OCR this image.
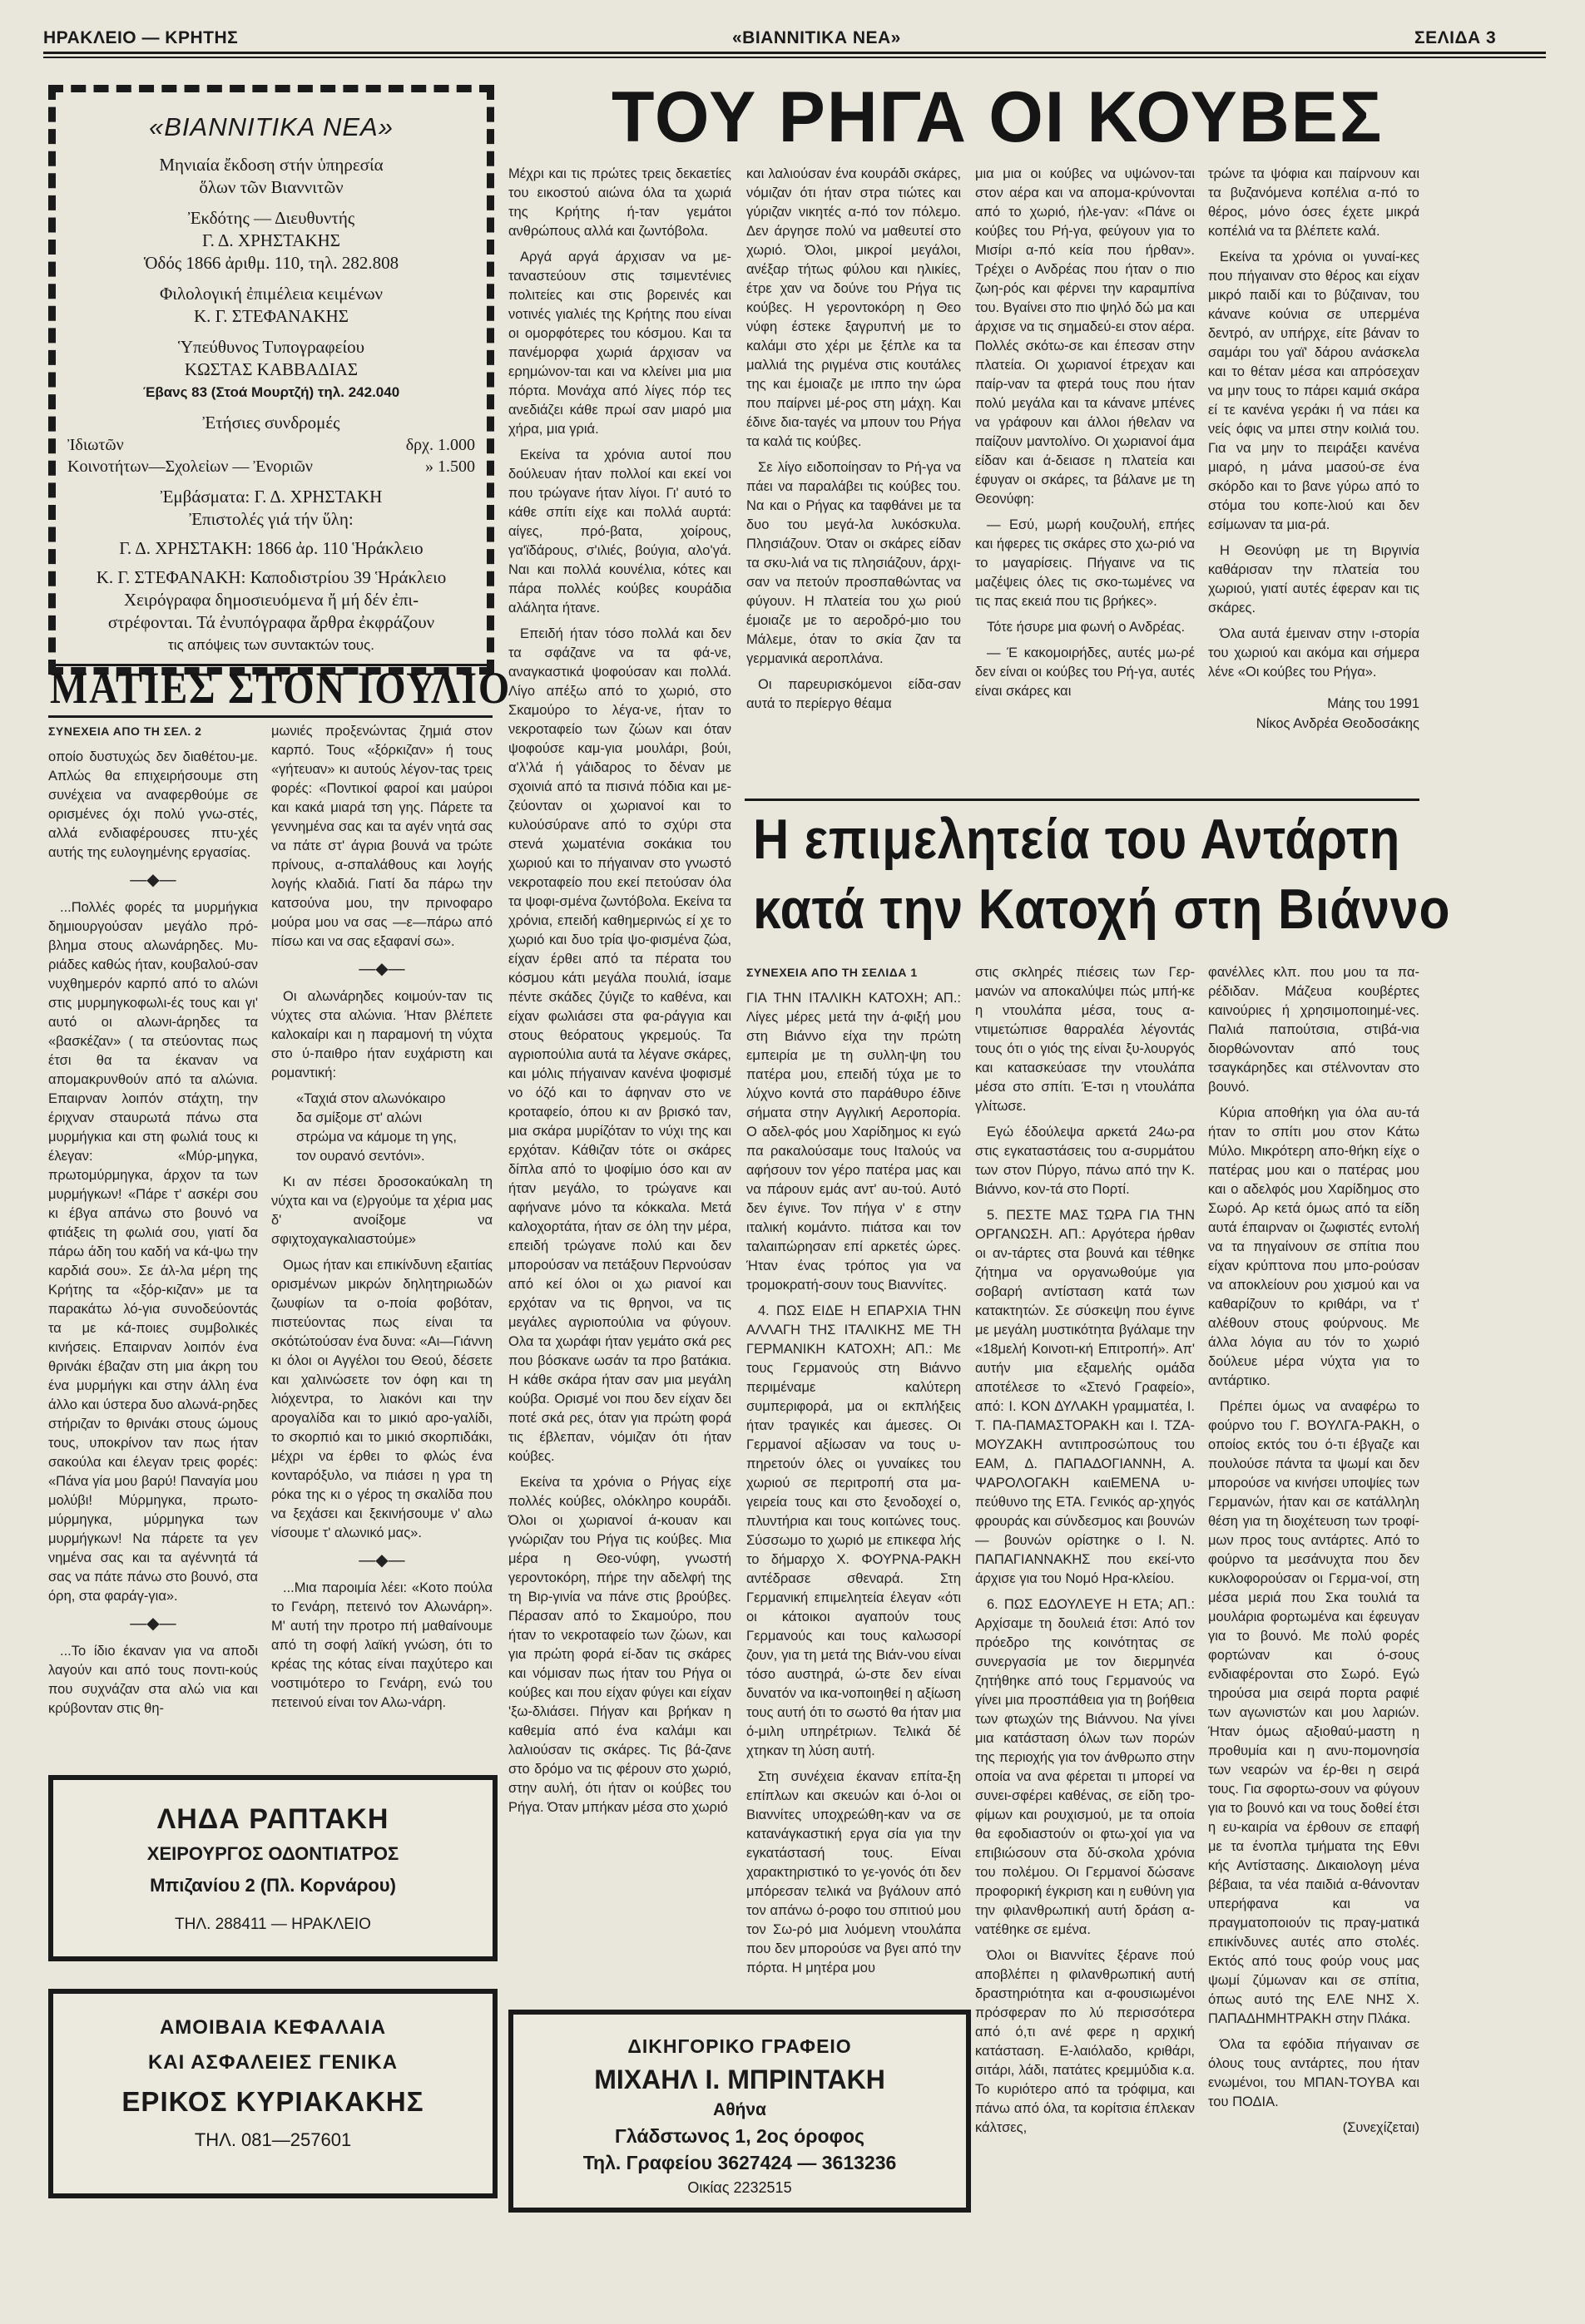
ΗΡΑΚΛΕΙΟ — ΚΡΗΤΗΣ	«ΒΙΑΝΝΙΤΙΚΑ ΝΕΑ»	ΣΕΛΙΔΑ 3

«ΒΙΑΝΝΙΤΙΚΑ ΝΕΑ»

Μηνιαία ἔκδοση στήν ὑπηρεσία

ὅλων τῶν Βιαννιτῶν

Ἐκδότης — Διευθυντής

Γ. Δ. ΧΡΗΣΤΑΚΗΣ

Ὁδός 1866 ἀριθμ. 110, τηλ. 282.808

Φιλολογική ἐπιμέλεια κειμένων

Κ. Γ. ΣΤΕΦΑΝΑΚΗΣ

Ὑπεύθυνος Τυπογραφείου

ΚΩΣΤΑΣ ΚΑΒΒΑΔΙΑΣ

Έβανς 83 (Στοά Μουρτζή) τηλ. 242.040

Ἐτήσιες συνδρομές

Ἰδιωτῶν	δρχ. 1.000
Κοινοτήτων—Σχολεἰων — Ἐνοριῶν	» 1.500

Ἐμβάσματα: Γ. Δ. ΧΡΗΣΤΑΚΗ

Ἐπιστολές γιά τήν ὕλη:

Γ. Δ. ΧΡΗΣΤΑΚΗ: 1866 ἀρ. 110 Ἡράκλειο

Κ. Γ. ΣΤΕΦΑΝΑΚΗ: Καποδιστρίου 39 Ἡράκλειο

Χειρόγραφα δημοσιευόμενα ἤ μή δέν ἐπι-

στρέφονται. Τά ἐνυπόγραφα ἄρθρα ἐκφράζουν

τις απόψεις των συντακτών τους.

ΜΑΤΙΕΣ ΣΤΟΝ ΙΟΥΛΙΟ

ΣΥΝΕΧΕΙΑ ΑΠΟ ΤΗ ΣΕΛ. 2

οποίο δυστυχώς δεν διαθέτου-με. Απλώς θα επιχειρήσουμε στη συνέχεια να αναφερθούμε σε ορισμένες όχι πολύ γνω-στές, αλλά ενδιαφέρουσες πτυ-χές αυτής της ευλογημένης εργασίας.

—◆—

...Πολλές φορές τα μυρμήγκια δημιουργούσαν μεγάλο πρό-βλημα στους αλωνάρηδες. Μυ-ριάδες καθώς ήταν, κουβαλού-σαν νυχθημερόν καρπό από το αλώνι στις μυρμηγκοφωλι-ές τους και γι' αυτό οι αλωνι-άρηδες τα «βασκέζαν» ( τα στεύοντας πως έτσι θα τα έκαναν να απομακρυνθούν από τα αλώνια. Επαιρναν λοιπόν στάχτη, την έριχναν σταυρωτά πάνω στα μυρμήγκια και στη φωλιά τους κι έλεγαν: «Μύρ-μηγκα, πρωτομύρμηγκα, άρχον τα των μυρμήγκων! «Πάρε τ' ασκέρι σου κι έβγα απάνω στο βουνό να φτιάξεις τη φωλιά σου, γιατί δα πάρω άδη του καδή να κά-ψω την καρδιά σου». Σε άλ-λα μέρη της Κρήτης τα «ξόρ-κιζαν» με τα παρακάτω λό-για συνοδεύοντάς τα με κά-ποιες συμβολικές κινήσεις. Επαιρναν λοιπόν ένα θρινάκι έβαζαν στη μια άκρη του ένα μυρμήγκι και στην άλλη ένα άλλο και ύστερα δυο αλωνά-ρηδες στήριζαν το θρινάκι στους ώμους τους, υποκρίνον ταν πως ήταν σακούλα και έλεγαν τρεις φορές: «Πάνα γία μου βαρύ! Παναγία μου μολύβι! Μύρμηγκα, πρωτο-μύρμηγκα, μύρμηγκα των μυρμήγκων! Να πάρετε τα γεν νημένα σας και τα αγέννητά τά σας να πάτε πάνω στο βουνό, στα όρη, στα φαράγ-για».

—◆—

...Το ίδιο έκαναν για να αποδι λαγούν και από τους ποντι-κούς που συχνάζαν στα αλώ νια και κρύβονταν στις θη-

μωνιές προξενώντας ζημιά στον καρπό. Τους «ξόρκιζαν» ή τους «γήτευαν» κι αυτούς λέγον-τας τρεις φορές: «Ποντικοί φαροί και μαύροι και κακά μιαρά τση γης. Πάρετε τα γεννημένα σας και τα αγέν νητά σας να πάτε στ' άγρια βουνά να τρώτε πρίνους, α-σπαλάθους και λογής λογής κλαδιά. Γιατί δα πάρω την κατσούνα μου, την πρινοφαρο μούρα μου να σας —ε—πάρω από πίσω και να σας εξαφανί σω».

—◆—

Οι αλωνάρηδες κοιμούν-ταν τις νύχτες στα αλώνια. Ήταν βλέπετε καλοκαίρι και η παραμονή τη νύχτα στο ύ-παιθρο ήταν ευχάριστη και ρομαντική:

«Ταχιά στον αλωνόκαιρο

δα σμίξομε στ' αλώνι

στρώμα να κάμομε τη γης,

τον ουρανό σεντόνι».

Κι αν πέσει δροσοκαύκαλη τη νύχτα και να (ε)ργούμε τα χέρια μας δ' ανοίξομε να σφιχτοχαγκαλιαστούμε»

Ομως ήταν και επικίνδυνη εξαιτίας ορισμένων μικρών δηλητηριωδών ζωυφίων τα ο-ποία φοβόταν, πιστεύοντας πως είναι τα σκότώτούσαν ένα δυνα: «Αι—Γιάννη κι όλοι οι Αγγέλοι του Θεού, δέσετε και χαλινώσετε τον όφη και τη λιόχεντρα, το λιακόνι και την αρογαλίδα και το μικιό αρο-γαλίδι, το σκορπιό και το μικιό σκορπιδάκι, μέχρι να έρθει το φλώς ένα κονταρόξυλο, να πιάσει η γρα τη ρόκα της κι ο γέρος τη σκαλίδα που να ξεχάσει και ξεκινήσουμε ν' αλω νίσουμε τ' αλωνικό μας».

—◆—

...Μια παροιμία λέει: «Κοτο πούλα το Γενάρη, πετεινό τον Αλωνάρη». Μ' αυτή την προτρο πή μαθαίνουμε από τη σοφή λαϊκή γνώση, ότι το κρέας της κότας είναι παχύτερο και νοστιμότερο το Γενάρη, ενώ του πετεινού είναι τον Αλω-νάρη.

ΛΗΔΑ ΡΑΠΤΑΚΗ

ΧΕΙΡΟΥΡΓΟΣ ΟΔΟΝΤΙΑΤΡΟΣ

Μπιζανίου 2 (Πλ. Κορνάρου)

ΤΗΛ. 288411 — ΗΡΑΚΛΕΙΟ

ΑΜΟΙΒΑΙΑ ΚΕΦΑΛΑΙΑ

ΚΑΙ ΑΣΦΑΛΕΙΕΣ ΓΕΝΙΚΑ

ΕΡΙΚΟΣ ΚΥΡΙΑΚΑΚΗΣ

ΤΗΛ. 081—257601

ΤΟΥ ΡΗΓΑ ΟΙ ΚΟΥΒΕΣ

Μέχρι και τις πρώτες τρεις δεκαετίες του εικοστού αιώνα όλα τα χωριά της Κρήτης ή-ταν γεμάτοι ανθρώπους αλλά και ζωντόβολα.

Αργά αργά άρχισαν να με-ταναστεύουν στις τσιμεντένιες πολιτείες και στις βορεινές και νοτινές γιαλιές της Κρήτης που είναι οι ομορφότερες του κόσμου. Και τα πανέμορφα χωριά άρχισαν να ερημώνον-ται και να κλείνει μια μια πόρτα. Μονάχα από λίγες πόρ τες ανεδιάζει κάθε πρωί σαν μιαρό μια χήρα, μια γριά.

Εκείνα τα χρόνια αυτοί που δούλευαν ήταν πολλοί και εκεί νοι που τρώγανε ήταν λίγοι. Γι' αυτό το κάθε σπίτι είχε και πολλά αυρτά: αίγες, πρό-βατα, χοίρους, γα'ϊδάρους, σ'ιλιές, βούγια, αλο'γά. Ναι και πολλά κουνέλια, κότες και πάρα πολλές κούβες κουράδια αλάλητα ήτανε.

Επειδή ήταν τόσο πολλά και δεν τα σφάζανε να τα φά-νε, αναγκαστικά ψοφούσαν και πολλά. Λίγο απέξω από το χωριό, στο Σκαμούρο το λέγα-νε, ήταν το νεκροταφείο των ζώων και όταν ψοφούσε καμ-για μουλάρι, βούι, α'λ'λά ή γάιδαρος το δέναν με σχοινιά από τα πισινά πόδια και με-ζεύονταν οι χωριανοί και το κυλούσύρανε από το σχύρι στα στενά χωματένια σοκάκια του χωριού και το πήγαιναν στο γνωστό νεκροταφείο που εκεί πετούσαν όλα τα ψοφι-σμένα ζωντόβολα. Εκείνα τα χρόνια, επειδή καθημερινώς εί χε το χωριό και δυο τρία ψο-φισμένα ζώα, είχαν έρθει από τα πέρατα του κόσμου κάτι μεγάλα πουλιά, ίσαμε πέντε σκάδες ζύγιζε το καθένα, και είχαν φωλιάσει στα φα-ράγγια και στους θεόρατους γκρεμούς. Τα αγριοπούλια αυτά τα λέγανε σκάρες, και μόλις πήγαιναν κανένα ψοφισμέ νο όζό και το άφηναν στο νε κροταφείο, όπου κι αν βρισκό ταν, μια σκάρα μυρίζόταν το νύχι της και ερχόταν. Κάθιζαν τότε οι σκάρες δίπλα από το ψοφίμιο όσο και αν ήταν μεγάλο, το τρώγανε και αφήνανε μόνο τα κόκκαλα. Μετά καλοχορτάτα, ήταν σε όλη την μέρα, επειδή τρώγανε πολύ και δεν μπορούσαν να πετάξουν Περνούσαν από κεί όλοι οι χω ριανοί και ερχόταν να τις θρηνοι, να τις μεγάλες αγριοπούλια να φύγουν. Ολα τα χωράφι ήταν γεμάτο σκά ρες που βόσκανε ωσάν τα προ βατάκια. Η κάθε σκάρα ήταν σαν μια μεγάλη κούβα. Ορισμέ νοι που δεν είχαν δει ποτέ σκά ρες, όταν για πρώτη φορά τις έβλεπαν, νόμιζαν ότι ήταν κούβες.

Εκείνα τα χρόνια ο Ρήγας είχε πολλές κούβες, ολόκληρο κουράδι. Όλοι οι χωριανοί ά-κουαν και γνώριζαν του Ρήγα τις κούβες. Μια μέρα η Θεο-νύφη, γνωστή γεροντοκόρη, πήρε την αδελφή της τη Βιρ-γινία να πάνε στις βρούβες. Πέρασαν από το Σκαμούρο, που ήταν το νεκροταφείο των ζώων, και για πρώτη φορά εί-δαν τις σκάρες και νόμισαν πως ήταν του Ρήγα οι κούβες και που είχαν φύγει και είχαν 'ξω-δλιάσει. Πήγαν και βρήκαν η καθεμία από ένα καλάμι και λαλιούσαν τις σκάρες. Τις βά-ζανε στο δρόμο να τις φέρουν στο χωριό, στην αυλή, ότι ήταν οι κούβες του Ρήγα. Όταν μπήκαν μέσα στο χωριό

και λαλιούσαν ένα κουράδι σκάρες, νόμιζαν ότι ήταν στρα τιώτες και γύριζαν νικητές α-πό τον πόλεμο. Δεν άργησε πολύ να μαθευτεί στο χωριό. Όλοι, μικροί μεγάλοι, ανέξαρ τήτως φύλου και ηλικίες, έτρε χαν να δούνε του Ρήγα τις κούβες. Η γεροντοκόρη η Θεο νύφη έστεκε ξαγρυπνή με το καλάμι στο χέρι με ξέπλε κα τα μαλλιά της ριγμένα στις κουτάλες της και έμοιαζε με ιππο την ώρα που παίρνει μέ-ρος στη μάχη. Και έδινε δια-ταγές να μπουν του Ρήγα τα καλά τις κούβες.

Σε λίγο ειδοποίησαν το Ρή-γα να πάει να παραλάβει τις κούβες του. Να και ο Ρήγας κα ταφθάνει με τα δυο του μεγά-λα λυκόσκυλα. Πλησιάζουν. Όταν οι σκάρες είδαν τα σκυ-λιά να τις πλησιάζουν, άρχι-σαν να πετούν προσπαθώντας να φύγουν. Η πλατεία του χω ριού έμοιαζε με το αεροδρό-μιο του Μάλεμε, όταν το σκία ζαν τα γερμανικά αεροπλάνα.

Οι παρευρισκόμενοι είδα-σαν αυτά το περίεργο θέαμα

μια μια οι κούβες να υψώνον-ται στον αέρα και να απομα-κρύνονται από το χωριό, ήλε-γαν: «Πάνε οι κούβες του Ρή-γα, φεύγουν για το Μισίρι α-πό κεία που ήρθαν». Τρέχει ο Ανδρέας που ήταν ο πιο ζωη-ρός και φέρνει την καραμπίνα του. Βγαίνει στο πιο ψηλό δώ μα και άρχισε να τις σημαδεύ-ει στον αέρα. Πολλές σκότω-σε και έπεσαν στην πλατεία. Οι χωριανοί έτρεχαν και παίρ-ναν τα φτερά τους που ήταν πολύ μεγάλα και τα κάνανε μπένες να γράφουν και άλλοι ήθελαν να παίζουν μαντολίνο. Οι χωριανοί άμα είδαν και ά-δειασε η πλατεία και έφυγαν οι σκάρες, τα βάλανε με τη Θεονύφη:

— Εσύ, μωρή κουζουλή, επήες και ήφερες τις σκάρες στο χω-ριό να το μαγαρίσεις. Πήγαινε να τις μαζέψεις όλες τις σκο-τωμένες να τις πας εκειά που τις βρήκες».

Τότε ήσυρε μια φωνή ο Ανδρέας.

— Έ κακομοιρήδες, αυτές μω-ρέ δεν είναι οι κούβες του Ρή-γα, αυτές είναι σκάρες και

τρώνε τα ψόφια και παίρνουν και τα βυζανόμενα κοπέλια α-πό το θέρος, μόνο όσες έχετε μικρά κοπέλιά να τα βλέπετε καλά.

Εκείνα τα χρόνια οι γυναί-κες που πήγαιναν στο θέρος και είχαν μικρό παιδί και το βύζαιναν, του κάνανε κούνια σε υπερμένα δεντρό, αν υπήρχε, είτε βάναν το σαμάρι του γαϊ' δάρου ανάσκελα και το θέταν μέσα και απρόσεχαν να μην τους το πάρει καμιά σκάρα εί τε κανένα γεράκι ή να πάει κα νείς όφις να μπει στην κοιλιά του. Για να μην το πειράξει κανένα μιαρό, η μάνα μασού-σε ένα σκόρδο και το βανε γύρω από το στόμα του κοπε-λιού και δεν εσίμωναν τα μια-ρά.

Η Θεονύφη με τη Βιργινία καθάρισαν την πλατεία του χωριού, γιατί αυτές έφεραν και τις σκάρες.

Όλα αυτά έμειναν στην ι-στορία του χωριού και ακόμα και σήμερα λένε «Οι κούβες του Ρήγα».

Μάης του 1991
Νίκος Ανδρέα Θεοδοσάκης
Η επιμελητεία του Αντάρτη
κατά την Κατοχή στη Βιάννο

ΣΥΝΕΧΕΙΑ ΑΠΟ ΤΗ ΣΕΛΙΔΑ 1

ΓΙΑ ΤΗΝ ΙΤΑΛΙΚΗ ΚΑΤΟΧΗ; ΑΠ.: Λίγες μέρες μετά την ά-φιξή μου στη Βιάννο είχα την πρώτη εμπειρία με τη συλλη-ψη του πατέρα μου, επειδή τύχα με το λύχνο κοντά στο παράθυρο έδινε σήματα στην Αγγλική Αεροπορία. Ο αδελ-φός μου Χαρίδημος κι εγώ πα ρακαλούσαμε τους Ιταλούς να αφήσουν τον γέρο πατέρα μας και να πάρουν εμάς αντ' αυ-τού. Αυτό δεν έγινε. Τον πήγα ν' ε στην ιταλική κομάντο. πιάτσα και τον ταλαιπώρησαν επί αρκετές ώρες. Ήταν ένας τρόπος για να τρομοκρατή-σουν τους Βιαννίτες.

4. ΠΩΣ ΕΙΔΕ Η ΕΠΑΡΧΙΑ ΤΗΝ ΑΛΛΑΓΗ ΤΗΣ ΙΤΑΛΙΚΗΣ ΜΕ ΤΗ ΓΕΡΜΑΝΙΚΗ ΚΑΤΟΧΗ; ΑΠ.: Με τους Γερμανούς στη Βιάννο περιμέναμε καλύτερη συμπεριφορά, μα οι εκπλήξεις ήταν τραγικές και άμεσες. Οι Γερμανοί αξίωσαν να τους υ-πηρετούν όλες οι γυναίκες του χωριού σε περιτροπή στα μα-γειρεία τους και στο ξενοδοχεί ο, πλυντήρια και τους κοιτώνες τους. Σύσσωμο το χωριό με επικεφα λής το δήμαρχο Χ. ΦΟΥΡΝΑ-ΡΑΚΗ αντέδρασε σθεναρά. Στη Γερμανική επιμελητεία έλεγαν «ότι οι κάτοικοι αγαπούν τους Γερμανούς και τους καλωσορί ζουν, για τη μετά της Βιάν-νου είναι τόσο αυστηρά, ώ-στε δεν είναι δυνατόν να ικα-νοποιηθεί η αξίωση τους αυτή ότι το σωστό θα ήταν μια ό-μιλη υπηρέτριων. Τελικά δέ χτηκαν τη λύση αυτή.

Στη συνέχεια έκαναν επίτα-ξη επίπλων και σκευών και ό-λοι οι Βιαννίτες υποχρεώθη-καν να σε κατανάγκαστική εργα σία για την εγκατάστασή τους. Είναι χαρακτηριστικό το γε-γονός ότι δεν μπόρεσαν τελικά να βγάλουν από τον απάνω ό-ροφο του σπιτιού μου τον Σω-ρό μια λυόμενη ντουλάπα που δεν μπορούσε να βγει από την πόρτα. Η μητέρα μου

στις σκληρές πιέσεις των Γερ-μανών να αποκαλύψει πώς μπή-κε η ντουλάπα μέσα, τους α-ντιμετώπισε θαρραλέα λέγοντάς τους ότι ο γιός της είναι ξυ-λουργός και κατασκεύασε την ντουλάπα μέσα στο σπίτι. Έ-τσι η ντουλάπα γλίτωσε.

Εγώ έδούλεψα αρκετά 24ω-ρα στις εγκαταστάσεις του α-συρμάτου των στον Πύργο, πάνω από την Κ. Βιάννο, κον-τά στο Πορτί.

5. ΠΕΣΤΕ ΜΑΣ ΤΩΡΑ ΓΙΑ ΤΗΝ ΟΡΓΑΝΩΣΗ. ΑΠ.: Αργότερα ήρθαν οι αν-τάρτες στα βουνά και τέθηκε ζήτημα να οργανωθούμε για σοβαρή αντίσταση κατά των κατακτητών. Σε σύσκεψη που έγινε με μεγάλη μυστικότητα βγάλαμε την «18μελή Κοινοτι-κή Επιτροπή». Απ' αυτήν μια εξαμελής ομάδα αποτέλεσε το «Στενό Γραφείο», από: Ι. ΚΟΝ ΔΥΛΑΚΗ γραμματέα, Ι. Τ. ΠΑ-ΠΑΜΑΣΤΟΡΑΚΗ και Ι. ΤΖΑ-ΜΟΥΖΑΚΗ αντιπροσώπους του ΕΑΜ, Δ. ΠΑΠΑΔΟΓΙΑΝΝΗ, Α. ΨΑΡΟΛΟΓΑΚΗ καιΕΜΕΝΑ υ-πεύθυνο της ΕΤΑ. Γενικός αρ-χηγός φρουράς και σύνδεσμος και βουνών — βουνών ορίστηκε ο Ι. Ν. ΠΑΠΑΓΙΑΝΝΑΚΗΣ που εκεί-ντο άρχισε για του Νομό Ηρα-κλείου.

6. ΠΩΣ ΕΔΟΥΛΕΥΕ Η ΕΤΑ; ΑΠ.: Αρχίσαμε τη δουλειά έτσι: Από τον πρόεδρο της κοινότητας σε συνεργασία με τον διερμηνέα ζητήθηκε από τους Γερμανούς να γίνει μια προσπάθεια για τη βοήθεια των φτωχών της Βιάννου. Να γίνει μια κατάσταση όλων των πορών της περιοχής για τον άνθρωπο στην οποία να ανα φέρεται τι μπορεί να συνει-σφέρει καθένας, σε είδη τρο-φίμων και ρουχισμού, με τα οποία θα εφοδιαστούν οι φτω-χοί για να επιβιώσουν στα δύ-σκολα χρόνια του πολέμου. Οι Γερμανοί δώσανε προφορική έγκριση και η ευθύνη για την φιλανθρωπική αυτή δράση α-νατέθηκε σε εμένα.

Όλοι οι Βιαννίτες ξέρανε πού αποβλέπει η φιλανθρωπική αυτή δραστηριότητα και α-φουσιωμένοι πρόσφεραν πο λύ περισσότερα από ό,τι ανέ φερε η αρχική κατάσταση. Ε-λαιόλαδο, κριθάρι, σιτάρι, λάδι, πατάτες κρεμμύδια κ.α. Το κυριότερο από τα τρόφιμα, και πάνω από όλα, τα κορίτσια έπλεκαν κάλτσες,

φανέλλες κλπ. που μου τα πα-ρέδιδαν. Μάζευα κουβέρτες καινούριες ή χρησιμοποιημέ-νες. Παλιά παπούτσια, στιβά-νια διορθώνονταν από τους τσαγκάρηδες και στέλνονταν στο βουνό.

Κύρια αποθήκη για όλα αυ-τά ήταν το σπίτι μου στον Κάτω Μύλο. Μικρότερη απο-θήκη είχε ο πατέρας μου και ο πατέρας μου και ο αδελφός μου Χαρίδημος στο Σωρό. Αρ κετά όμως από τα είδη αυτά έπαιρναν οι ζωφιστές εντολή να τα πηγαίνουν σε σπίτια που είχαν κρύπτονα που μπο-ρούσαν να αποκλείουν ρου χισμού και να καθαρίζουν το κριθάρι, να τ' αλέθουν στους φούρνους. Με άλλα λόγια αυ τόν το χωριό δούλευε μέρα νύχτα για το αντάρτικο.

Πρέπει όμως να αναφέρω το φούρνο του Γ. ΒΟΥΛΓΑ-ΡΑΚΗ, ο οποίος εκτός του ό-τι έβγαζε και πουλούσε πάντα τα ψωμί και δεν μπορούσε να κινήσει υποψίες των Γερμανών, ήταν και σε κατάλληλη θέση για τη διοχέτευση των τροφί-μων προς τους αντάρτες. Από το φούρνο τα μεσάνυχτα που δεν κυκλοφορούσαν οι Γερμα-νοί, στη μέσα μεριά που Σκα τουλιά τα μουλάρια φορτωμένα και έφευγαν για το βουνό. Με πολύ φορές φορτώναν και ό-σους ενδιαφέρονται στο Σωρό. Εγώ τηρούσα μια σειρά πορτα ραφιέ των αγωνιστών και μου λαριών. Ήταν όμως αξιοθαύ-μαστη η προθυμία και η ανυ-πομονησία των νεαρών να έρ-θει η σειρά τους. Για σφορτω-σουν να φύγουν για το βουνό και να τους δοθεί έτσι η ευ-καιρία να έρθουν σε επαφή με τα ένοπλα τμήματα της Εθνι κής Αντίστασης. Δικαιολογη μένα βέβαια, τα νέα παιδιά α-θάνονταν υπερήφανα και να πραγματοποιούν τις πραγ-ματικά επικίνδυνες αυτές απο στολές. Εκτός από τους φούρ νους μας ψωμί ζύμωναν και σε σπίτια, όπως αυτό της ΕΛΕ ΝΗΣ Χ. ΠΑΠΑΔΗΜΗΤΡΑΚΗ στην Πλάκα.

Όλα τα εφόδια πήγαιναν σε όλους τους αντάρτες, που ήταν ενωμένοι, του ΜΠΑΝ-ΤΟΥΒΑ και του ΠΟΔΙΑ.

(Συνεχίζεται)

ΔΙΚΗΓΟΡΙΚΟ ΓΡΑΦΕΙΟ

ΜΙΧΑΗΛ Ι. ΜΠΡΙΝΤΑΚΗ

Αθήνα

Γλάδστωνος 1, 2ος όροφος

Τηλ. Γραφείου 3627424 — 3613236

Οικίας 2232515
